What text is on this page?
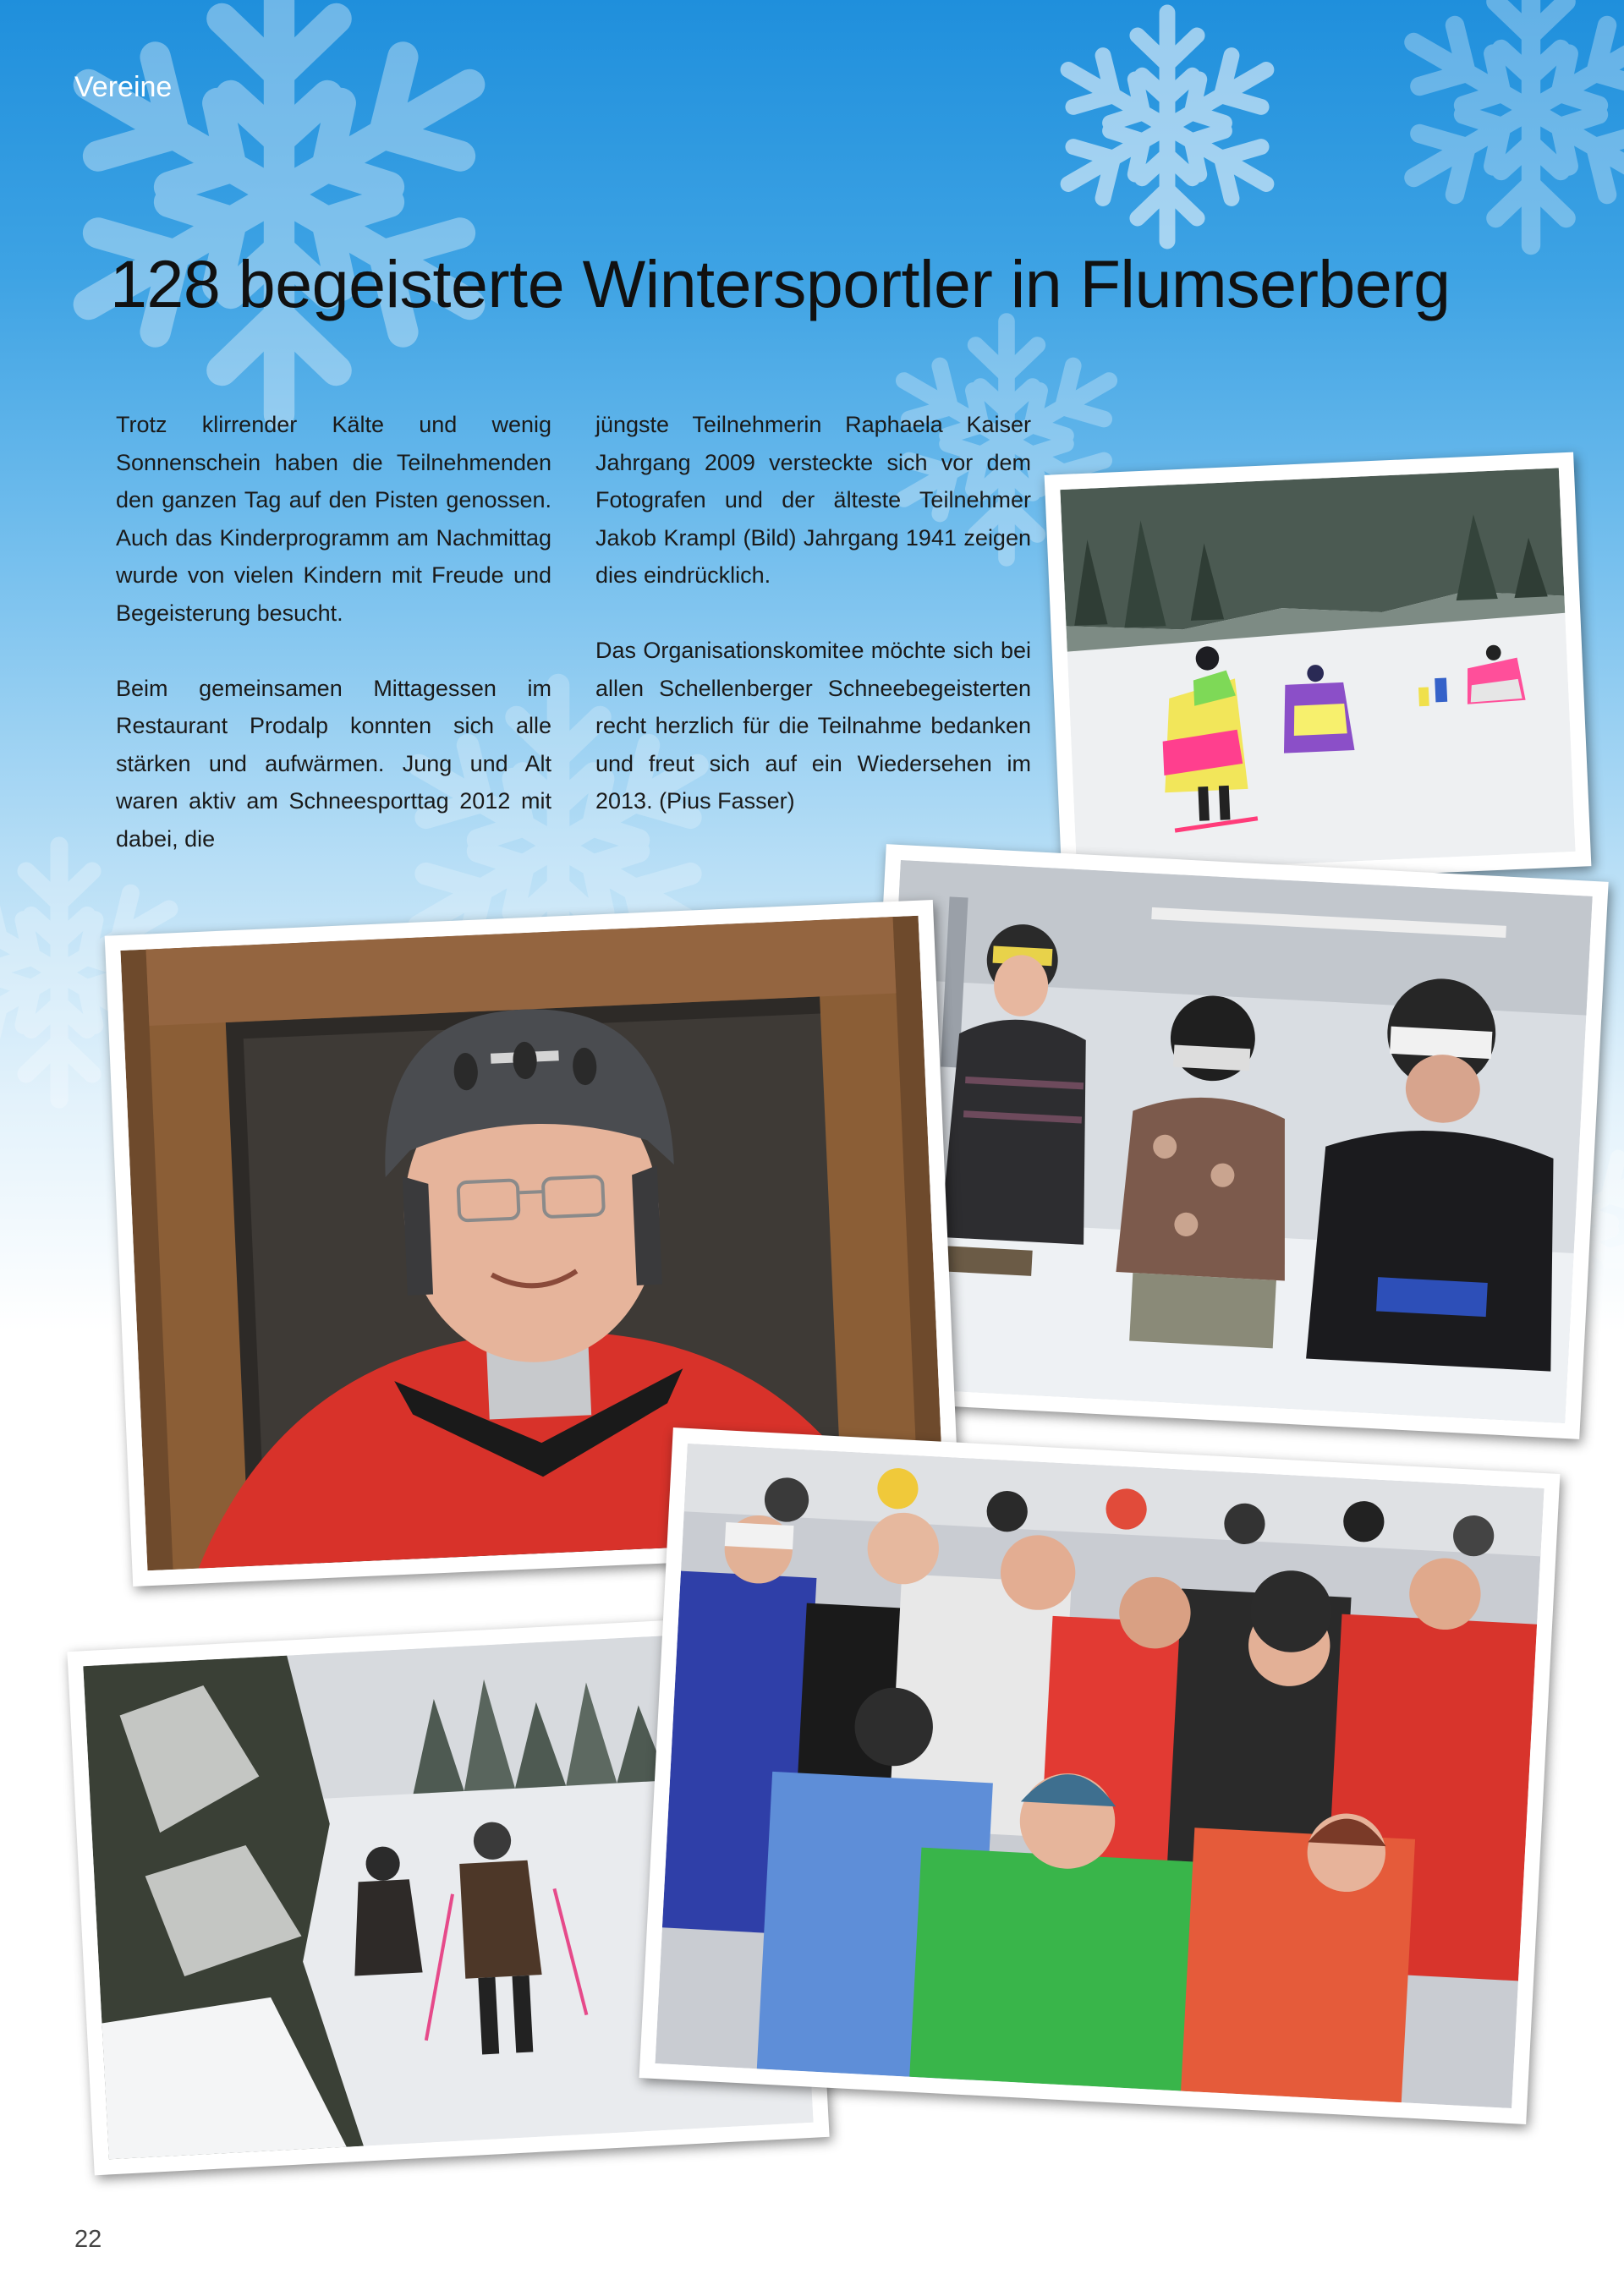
Vereine
128 begeisterte Wintersportler in Flumserberg

Trotz klirrender Kälte und wenig Sonnenschein haben die Teilnehmenden den ganzen Tag auf den Pisten genossen. Auch das Kinderprogramm am Nachmittag wurde von vielen Kindern mit Freude und Begeisterung besucht.

Beim gemeinsamen Mittagessen im Restaurant Prodalp konnten sich alle stärken und aufwärmen. Jung und Alt waren aktiv am Schneesporttag 2012 mit dabei, die

jüngste Teilnehmerin Raphaela Kaiser Jahrgang 2009 versteckte sich vor dem Fotografen und der älteste Teilnehmer Jakob Krampl (Bild) Jahrgang 1941 zeigen dies eindrücklich.

Das Organisationskomitee möchte sich bei allen Schellenberger Schneebegeisterten recht herzlich für die Teilnahme bedanken und freut sich auf ein Wiedersehen im 2013. (Pius Fasser)

22
